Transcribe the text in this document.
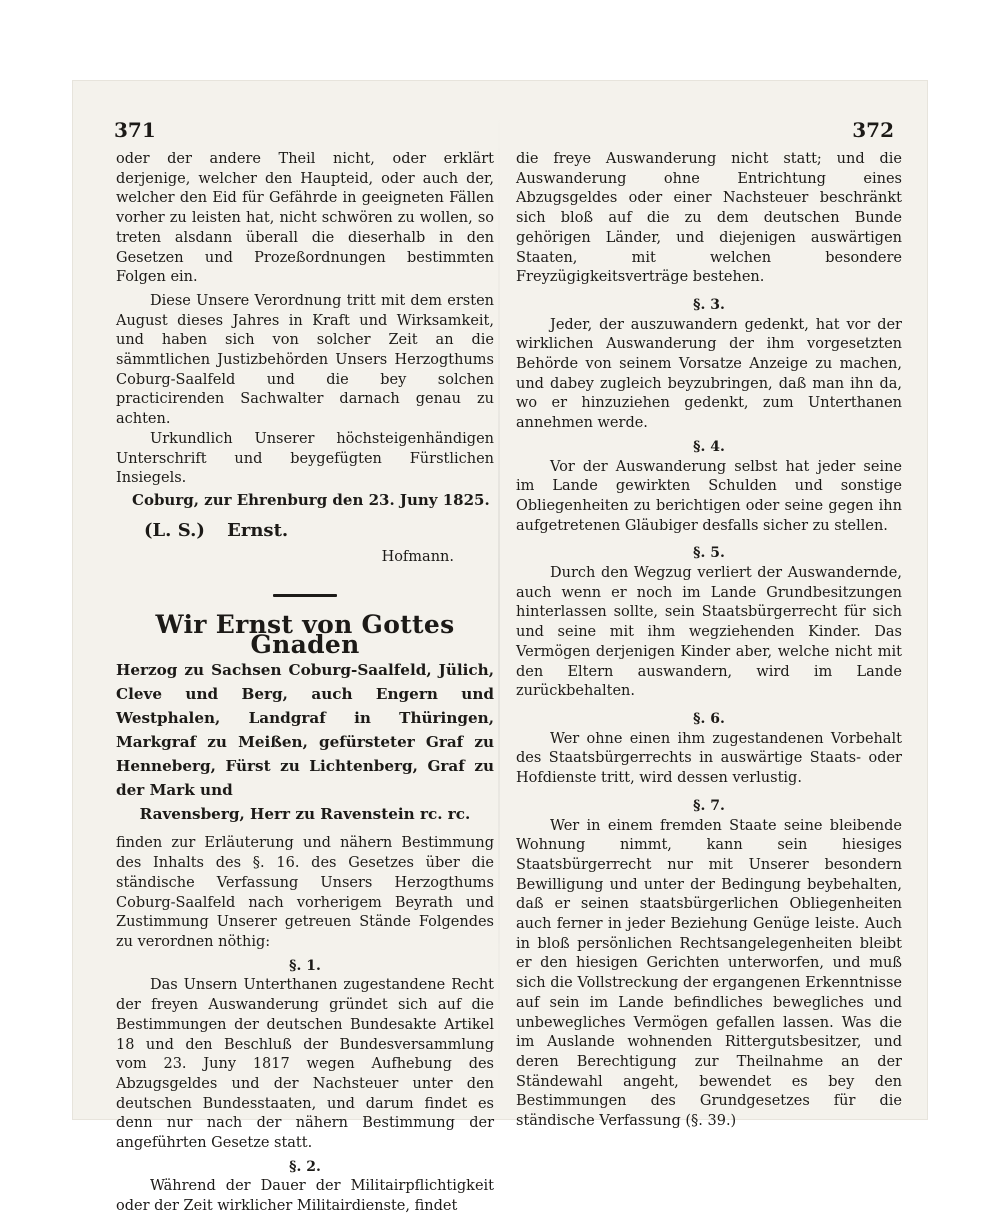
371	372

oder der andere Theil nicht, oder erklärt derjenige, welcher den Haupteid, oder auch der, welcher den Eid für Gefährde in geeigneten Fällen vorher zu leisten hat, nicht schwören zu wollen, so treten alsdann überall die dieserhalb in den Gesetzen und Prozeßordnungen bestimmten Folgen ein.

Diese Unsere Verordnung tritt mit dem ersten August dieses Jahres in Kraft und Wirksamkeit, und haben sich von solcher Zeit an die sämmtlichen Justizbehörden Unsers Herzogthums Coburg-Saalfeld und die bey solchen practicirenden Sachwalter darnach genau zu achten.

Urkundlich Unserer höchsteigenhändigen Unterschrift und beygefügten Fürstlichen Insiegels.

Coburg, zur Ehrenburg den 23. Juny 1825.

(L. S.) Ernst.

Hofmann.

Wir Ernst von Gottes Gnaden

Herzog zu Sachsen Coburg-Saalfeld, Jülich, Cleve und Berg, auch Engern und Westphalen, Landgraf in Thüringen, Markgraf zu Meißen, gefürsteter Graf zu Henneberg, Fürst zu Lichtenberg, Graf zu der Mark und

Ravensberg, Herr zu Ravenstein rc. rc.

finden zur Erläuterung und nähern Bestimmung des Inhalts des §. 16. des Gesetzes über die ständische Verfassung Unsers Herzogthums Coburg-Saalfeld nach vorherigem Beyrath und Zustimmung Unserer getreuen Stände Folgendes zu verordnen nöthig:

§. 1.

Das Unsern Unterthanen zugestandene Recht der freyen Auswanderung gründet sich auf die Bestimmungen der deutschen Bundesakte Artikel 18 und den Beschluß der Bundesversammlung vom 23. Juny 1817 wegen Aufhebung des Abzugsgeldes und der Nachsteuer unter den deutschen Bundesstaaten, und darum findet es denn nur nach der nähern Bestimmung der angeführten Gesetze statt.

§. 2.

Während der Dauer der Militairpflichtigkeit oder der Zeit wirklicher Militairdienste, findet

die freye Auswanderung nicht statt; und die Auswanderung ohne Entrichtung eines Abzugsgeldes oder einer Nachsteuer beschränkt sich bloß auf die zu dem deutschen Bunde gehörigen Länder, und diejenigen auswärtigen Staaten, mit welchen besondere Freyzügigkeitsverträge bestehen.

§. 3.

Jeder, der auszuwandern gedenkt, hat vor der wirklichen Auswanderung der ihm vorgesetzten Behörde von seinem Vorsatze Anzeige zu machen, und dabey zugleich beyzubringen, daß man ihn da, wo er hinzuziehen gedenkt, zum Unterthanen annehmen werde.

§. 4.

Vor der Auswanderung selbst hat jeder seine im Lande gewirkten Schulden und sonstige Obliegenheiten zu berichtigen oder seine gegen ihn aufgetretenen Gläubiger desfalls sicher zu stellen.

§. 5.

Durch den Wegzug verliert der Auswandernde, auch wenn er noch im Lande Grundbesitzungen hinterlassen sollte, sein Staatsbürgerrecht für sich und seine mit ihm wegziehenden Kinder. Das Vermögen derjenigen Kinder aber, welche nicht mit den Eltern auswandern, wird im Lande zurückbehalten.

§. 6.

Wer ohne einen ihm zugestandenen Vorbehalt des Staatsbürgerrechts in auswärtige Staats- oder Hofdienste tritt, wird dessen verlustig.

§. 7.

Wer in einem fremden Staate seine bleibende Wohnung nimmt, kann sein hiesiges Staatsbürgerrecht nur mit Unserer besondern Bewilligung und unter der Bedingung beybehalten, daß er seinen staatsbürgerlichen Obliegenheiten auch ferner in jeder Beziehung Genüge leiste. Auch in bloß persönlichen Rechtsangelegenheiten bleibt er den hiesigen Gerichten unterworfen, und muß sich die Vollstreckung der ergangenen Erkenntnisse auf sein im Lande befindliches bewegliches und unbewegliches Vermögen gefallen lassen. Was die im Auslande wohnenden Rittergutsbesitzer, und deren Berechtigung zur Theilnahme an der Ständewahl angeht, bewendet es bey den Bestimmungen des Grundgesetzes für die ständische Verfassung (§. 39.)
